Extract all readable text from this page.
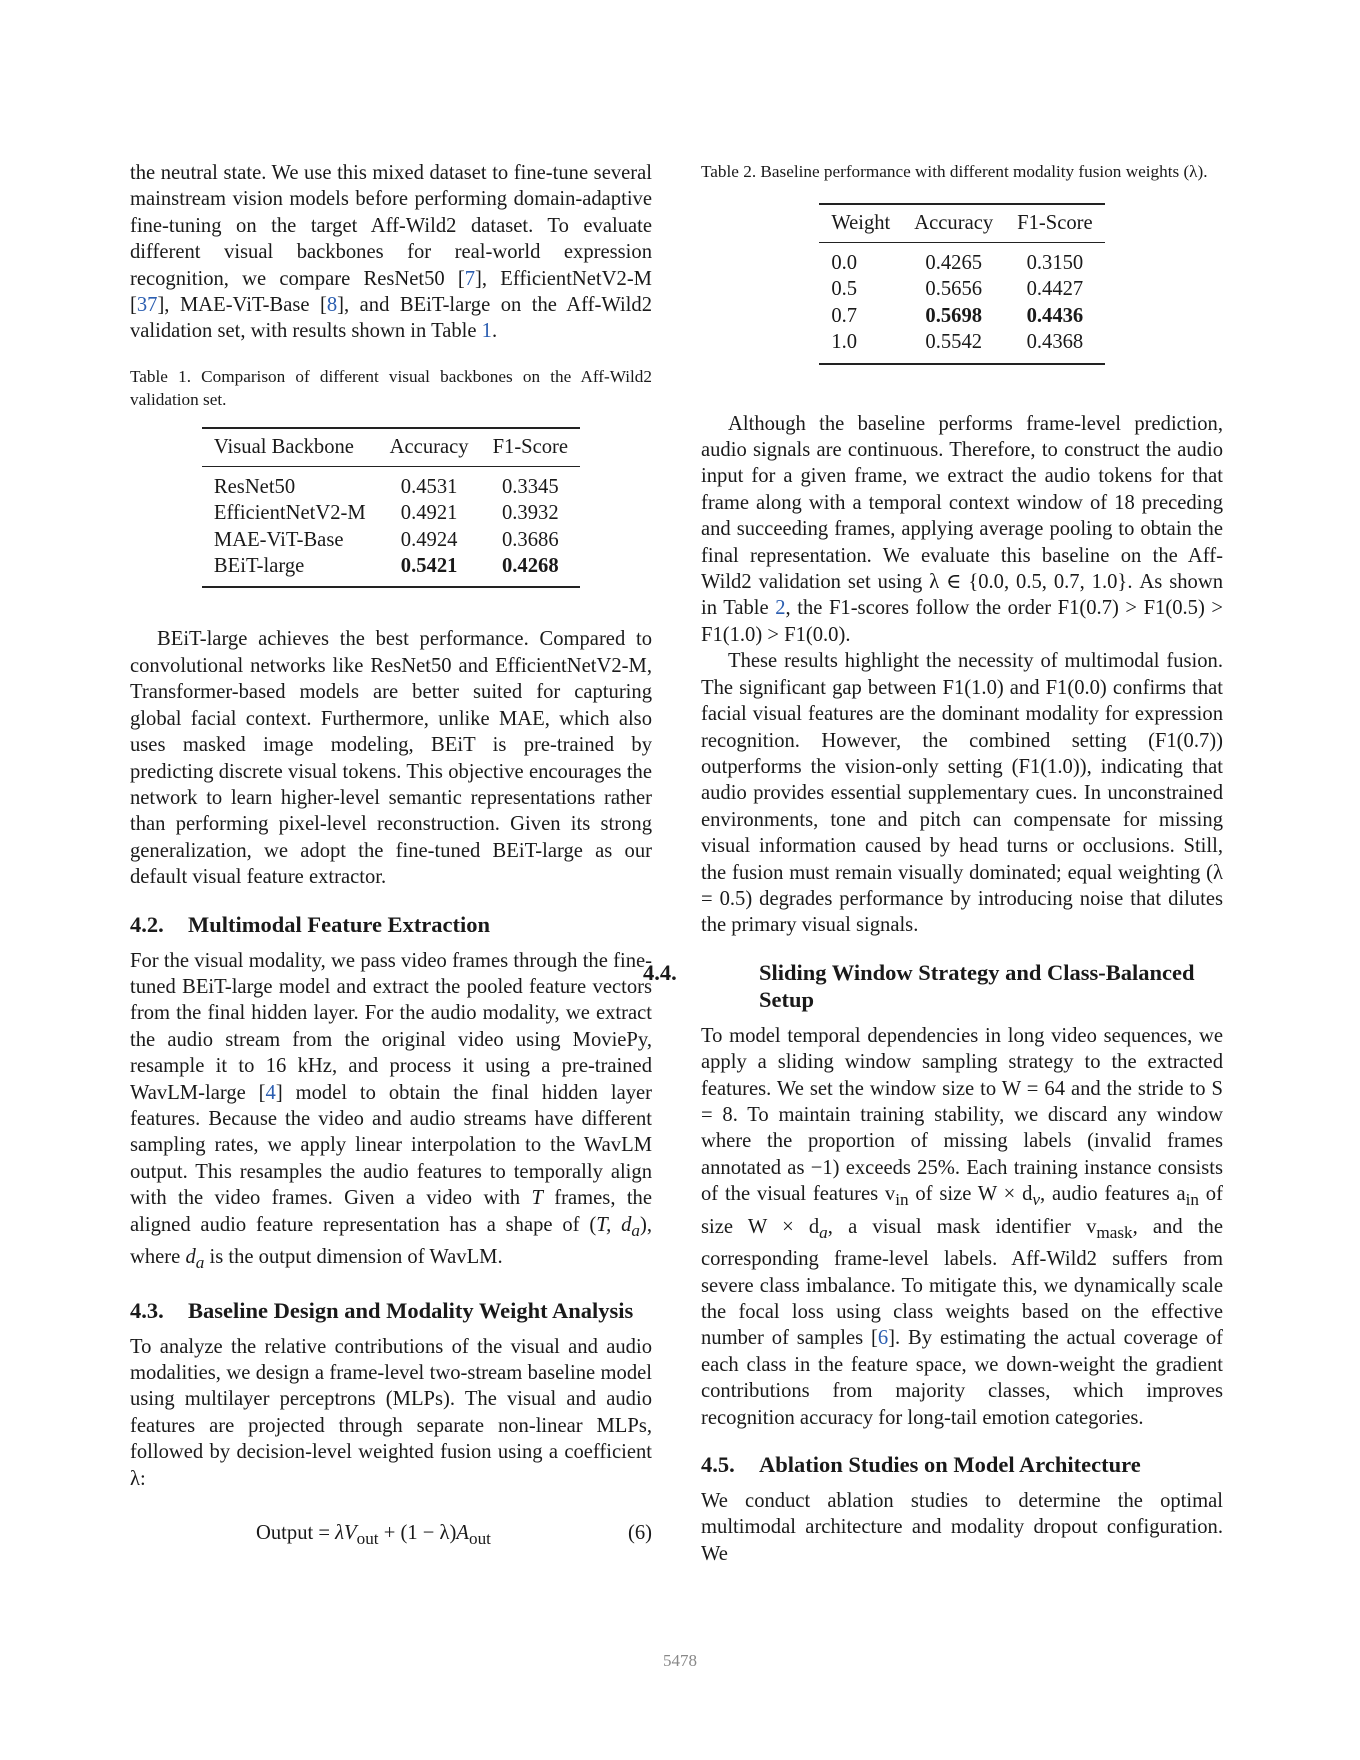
the neutral state. We use this mixed dataset to fine-tune several mainstream vision models before performing domain-adaptive fine-tuning on the target Aff-Wild2 dataset. To evaluate different visual backbones for real-world expression recognition, we compare ResNet50 [7], EfficientNetV2-M [37], MAE-ViT-Base [8], and BEiT-large on the Aff-Wild2 validation set, with results shown in Table 1.

Table 1. Comparison of different visual backbones on the Aff-Wild2 validation set.

Visual Backbone	Accuracy	F1-Score
ResNet50	0.4531	0.3345
EfficientNetV2-M	0.4921	0.3932
MAE-ViT-Base	0.4924	0.3686
BEiT-large	0.5421	0.4268

BEiT-large achieves the best performance. Compared to convolutional networks like ResNet50 and EfficientNetV2-M, Transformer-based models are better suited for capturing global facial context. Furthermore, unlike MAE, which also uses masked image modeling, BEiT is pre-trained by predicting discrete visual tokens. This objective encourages the network to learn higher-level semantic representations rather than performing pixel-level reconstruction. Given its strong generalization, we adopt the fine-tuned BEiT-large as our default visual feature extractor.

4.2. Multimodal Feature Extraction

For the visual modality, we pass video frames through the fine-tuned BEiT-large model and extract the pooled feature vectors from the final hidden layer. For the audio modality, we extract the audio stream from the original video using MoviePy, resample it to 16 kHz, and process it using a pre-trained WavLM-large [4] model to obtain the final hidden layer features. Because the video and audio streams have different sampling rates, we apply linear interpolation to the WavLM output. This resamples the audio features to temporally align with the video frames. Given a video with T frames, the aligned audio feature representation has a shape of (T, $d_a$), where $d_a$ is the output dimension of WavLM.

4.3. Baseline Design and Modality Weight Analysis

To analyze the relative contributions of the visual and audio modalities, we design a frame-level two-stream baseline model using multilayer perceptrons (MLPs). The visual and audio features are projected through separate non-linear MLPs, followed by decision-level weighted fusion using a coefficient λ:

Output = $\lambda V_{out} + (1 - \lambda)A_{out}$	(6)

Table 2. Baseline performance with different modality fusion weights (λ).

Weight	Accuracy	F1-Score
0.0	0.4265	0.3150
0.5	0.5656	0.4427
0.7	0.5698	0.4436
1.0	0.5542	0.4368

Although the baseline performs frame-level prediction, audio signals are continuous. Therefore, to construct the audio input for a given frame, we extract the audio tokens for that frame along with a temporal context window of 18 preceding and succeeding frames, applying average pooling to obtain the final representation. We evaluate this baseline on the Aff-Wild2 validation set using λ ∈ {0.0, 0.5, 0.7, 1.0}. As shown in Table 2, the F1-scores follow the order F1(0.7) > F1(0.5) > F1(1.0) > F1(0.0).

These results highlight the necessity of multimodal fusion. The significant gap between F1(1.0) and F1(0.0) confirms that facial visual features are the dominant modality for expression recognition. However, the combined setting (F1(0.7)) outperforms the vision-only setting (F1(1.0)), indicating that audio provides essential supplementary cues. In unconstrained environments, tone and pitch can compensate for missing visual information caused by head turns or occlusions. Still, the fusion must remain visually dominated; equal weighting (λ = 0.5) degrades performance by introducing noise that dilutes the primary visual signals.

4.4.	Sliding Window Strategy and Class-Balanced Setup

To model temporal dependencies in long video sequences, we apply a sliding window sampling strategy to the extracted features. We set the window size to W = 64 and the stride to S = 8. To maintain training stability, we discard any window where the proportion of missing labels (invalid frames annotated as −1) exceeds 25%. Each training instance consists of the visual features $v_{in}$ of size $W \times d_v$, audio features $a_{in}$ of size $W \times d_a$, a visual mask identifier $v_{mask}$, and the corresponding frame-level labels. Aff-Wild2 suffers from severe class imbalance. To mitigate this, we dynamically scale the focal loss using class weights based on the effective number of samples [6]. By estimating the actual coverage of each class in the feature space, we down-weight the gradient contributions from majority classes, which improves recognition accuracy for long-tail emotion categories.

4.5. Ablation Studies on Model Architecture

We conduct ablation studies to determine the optimal multimodal architecture and modality dropout configuration. We

5478
